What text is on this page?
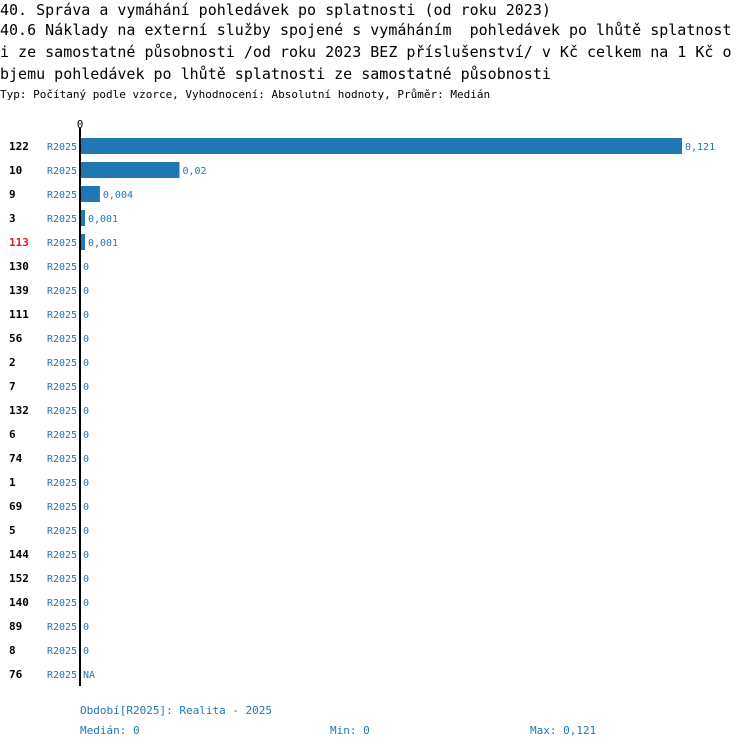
40. Správa a vymáhání pohledávek po splatnosti (od roku 2023)
40.6 Náklady na externí služby spojené s vymáháním  pohledávek po lhůtě splatnost
i ze samostatné působnosti /od roku 2023 BEZ příslušenství/ v Kč celkem na 1 Kč o
bjemu pohledávek po lhůtě splatnosti ze samostatné působnosti
Typ: Počítaný podle vzorce, Vyhodnocení: Absolutní hodnoty, Průměr: Medián
0
122 R2025	0,121
10 R2025	0,02
9	R2025	0,004
3	R2025 0,001
113 R2025 0,001
130 R2025 0
139 R2025 0
111 R2025 0
56 R2025 0
2	R2025 0
7	R2025 0
132 R2025 0
6	R2025 0
74 R2025 0
1	R2025 0
69 R2025 0
5	R2025 0
144 R2025 0
152 R2025 0
140 R2025 0
89 R2025 0
8	R2025 0
76 R2025 NA
Období[R2025]: Realita - 2025
Medián: 0	Min: 0	Max: 0,121
